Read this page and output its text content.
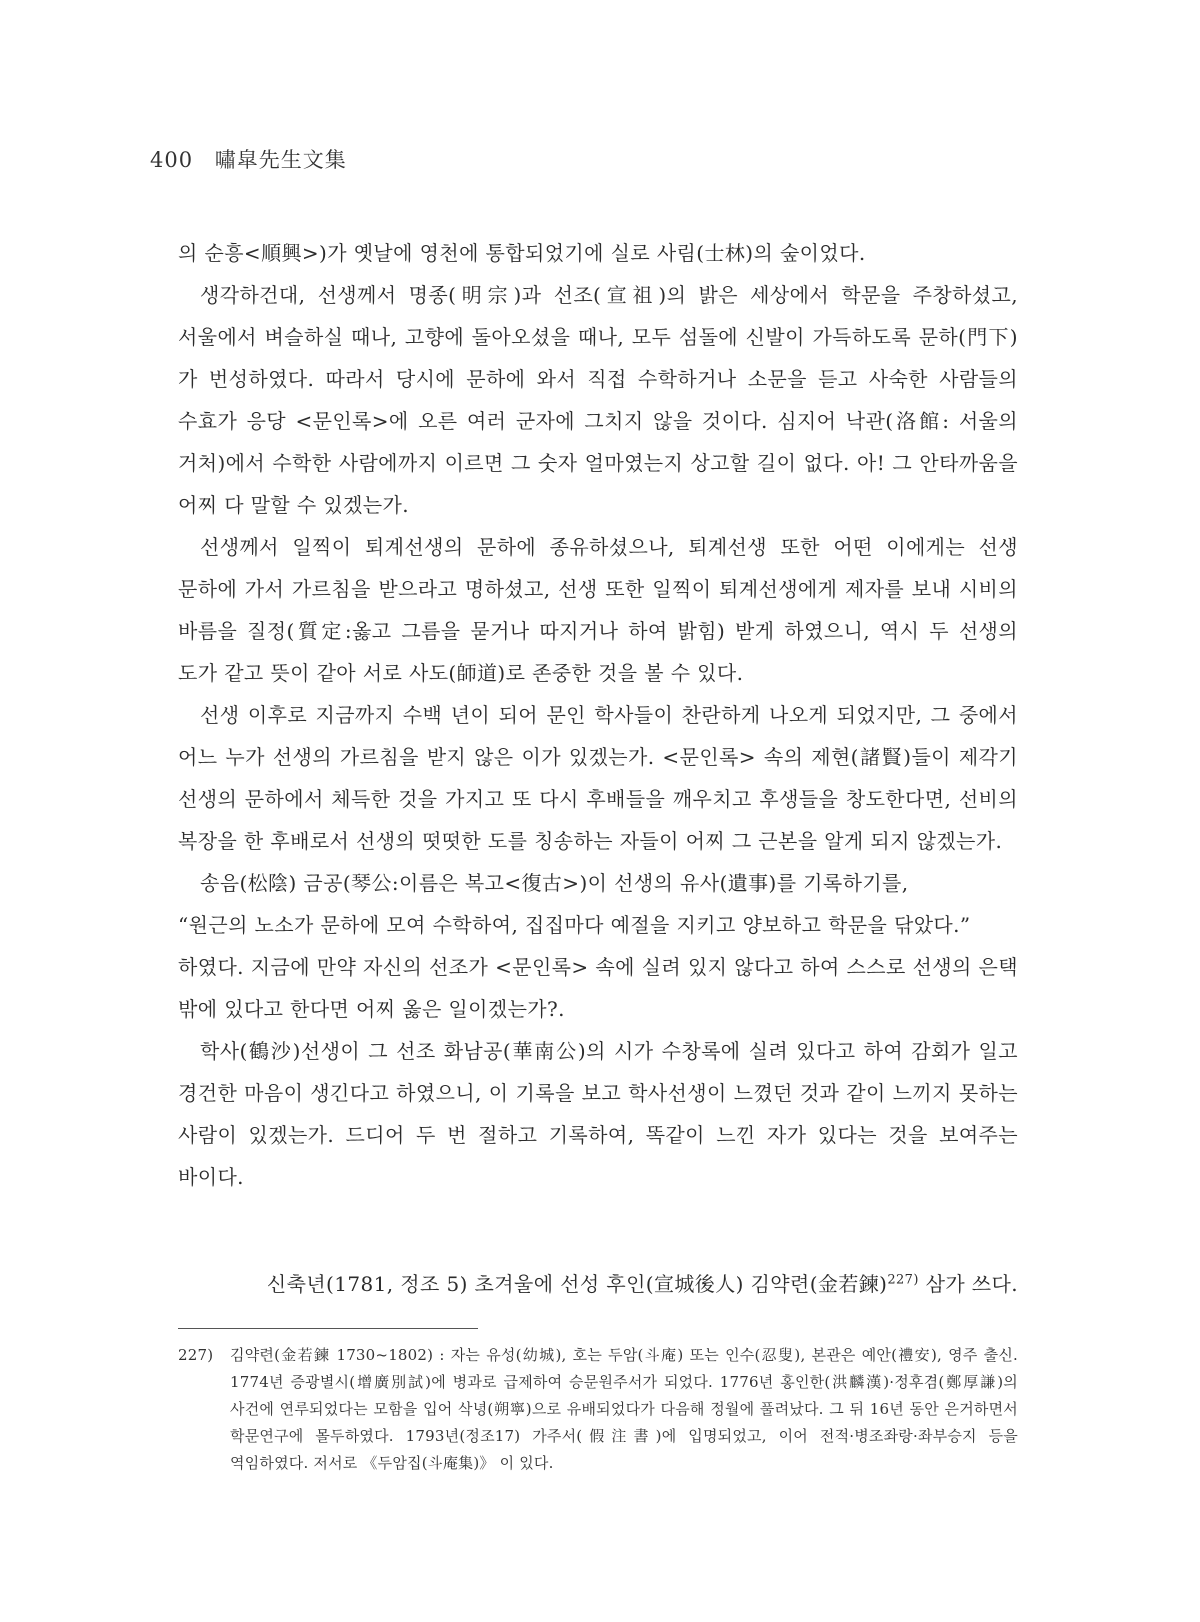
400 嘯皐先生文集

의 순흥<順興>)가 옛날에 영천에 통합되었기에 실로 사림(士林)의 숲이었다.

생각하건대, 선생께서 명종(明宗)과 선조(宣祖)의 밝은 세상에서 학문을 주창하셨고, 서울에서 벼슬하실 때나, 고향에 돌아오셨을 때나, 모두 섬돌에 신발이 가득하도록 문하(門下)가 번성하였다. 따라서 당시에 문하에 와서 직접 수학하거나 소문을 듣고 사숙한 사람들의 수효가 응당 <문인록>에 오른 여러 군자에 그치지 않을 것이다. 심지어 낙관(洛館: 서울의 거처)에서 수학한 사람에까지 이르면 그 숫자 얼마였는지 상고할 길이 없다. 아! 그 안타까움을 어찌 다 말할 수 있겠는가.

선생께서 일찍이 퇴계선생의 문하에 종유하셨으나, 퇴계선생 또한 어떤 이에게는 선생 문하에 가서 가르침을 받으라고 명하셨고, 선생 또한 일찍이 퇴계선생에게 제자를 보내 시비의 바름을 질정(質定:옳고 그름을 묻거나 따지거나 하여 밝힘) 받게 하였으니, 역시 두 선생의 도가 같고 뜻이 같아 서로 사도(師道)로 존중한 것을 볼 수 있다.

선생 이후로 지금까지 수백 년이 되어 문인 학사들이 찬란하게 나오게 되었지만, 그 중에서 어느 누가 선생의 가르침을 받지 않은 이가 있겠는가. <문인록> 속의 제현(諸賢)들이 제각기 선생의 문하에서 체득한 것을 가지고 또 다시 후배들을 깨우치고 후생들을 창도한다면, 선비의 복장을 한 후배로서 선생의 떳떳한 도를 칭송하는 자들이 어찌 그 근본을 알게 되지 않겠는가.

송음(松陰) 금공(琴公:이름은 복고<復古>)이 선생의 유사(遺事)를 기록하기를,

“원근의 노소가 문하에 모여 수학하여, 집집마다 예절을 지키고 양보하고 학문을 닦았다.”

하였다. 지금에 만약 자신의 선조가 <문인록> 속에 실려 있지 않다고 하여 스스로 선생의 은택 밖에 있다고 한다면 어찌 옳은 일이겠는가?.

학사(鶴沙)선생이 그 선조 화남공(華南公)의 시가 수창록에 실려 있다고 하여 감회가 일고 경건한 마음이 생긴다고 하였으니, 이 기록을 보고 학사선생이 느꼈던 것과 같이 느끼지 못하는 사람이 있겠는가. 드디어 두 번 절하고 기록하여, 똑같이 느낀 자가 있다는 것을 보여주는 바이다.

신축년(1781, 정조 5) 초겨울에 선성 후인(宣城後人) 김약련(金若鍊)$^{227)}$ 삼가 쓰다.
227)	김약련(金若鍊 1730~1802) : 자는 유성(幼城), 호는 두암(斗庵) 또는 인수(忍叟), 본관은 예안(禮安), 영주 출신. 1774년 증광별시(增廣別試)에 병과로 급제하여 승문원주서가 되었다. 1776년 홍인한(洪麟漢)·정후겸(鄭厚謙)의 사건에 연루되었다는 모함을 입어 삭녕(朔寧)으로 유배되었다가 다음해 정월에 풀려났다. 그 뒤 16년 동안 은거하면서 학문연구에 몰두하였다. 1793년(정조17) 가주서(假注書)에 입명되었고, 이어 전적·병조좌랑·좌부승지 등을 역임하였다. 저서로 《두암집(斗庵集)》 이 있다.
